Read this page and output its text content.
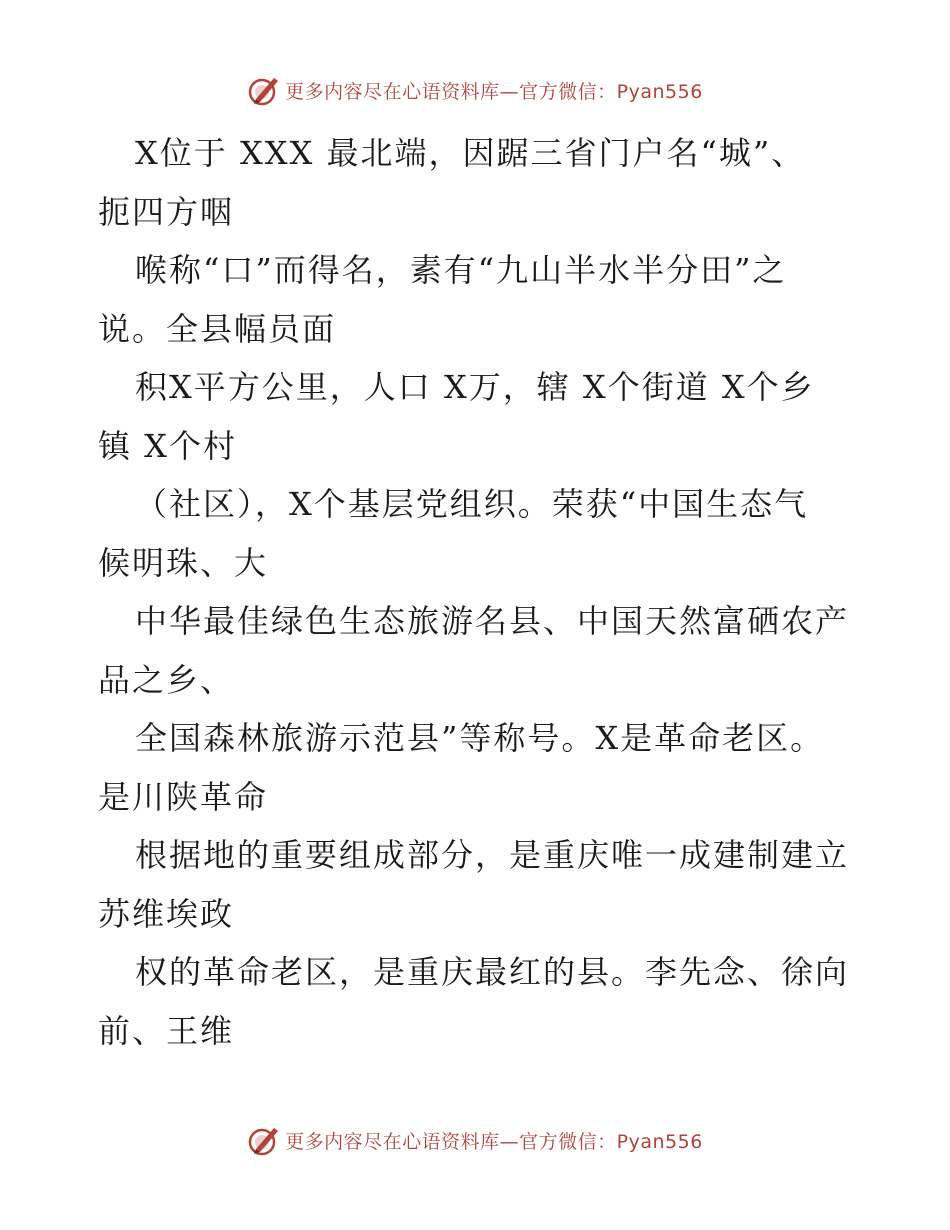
更多内容尽在心语资料库—官方微信：Pyan556
X位于 XXX 最北端，因踞三省门户名“城”、
扼四方咽
喉称“口”而得名，素有“九山半水半分田”之
说。全县幅员面
积X平方公里，人口 X万，辖 X个街道 X个乡
镇 X个村
（社区），X个基层党组织。荣获“中国生态气
候明珠、大
中华最佳绿色生态旅游名县、中国天然富硒农产
品之乡、
全国森林旅游示范县”等称号。X是革命老区。
是川陕革命
根据地的重要组成部分，是重庆唯一成建制建立
苏维埃政
权的革命老区，是重庆最红的县。李先念、徐向
前、王维
更多内容尽在心语资料库—官方微信：Pyan556
